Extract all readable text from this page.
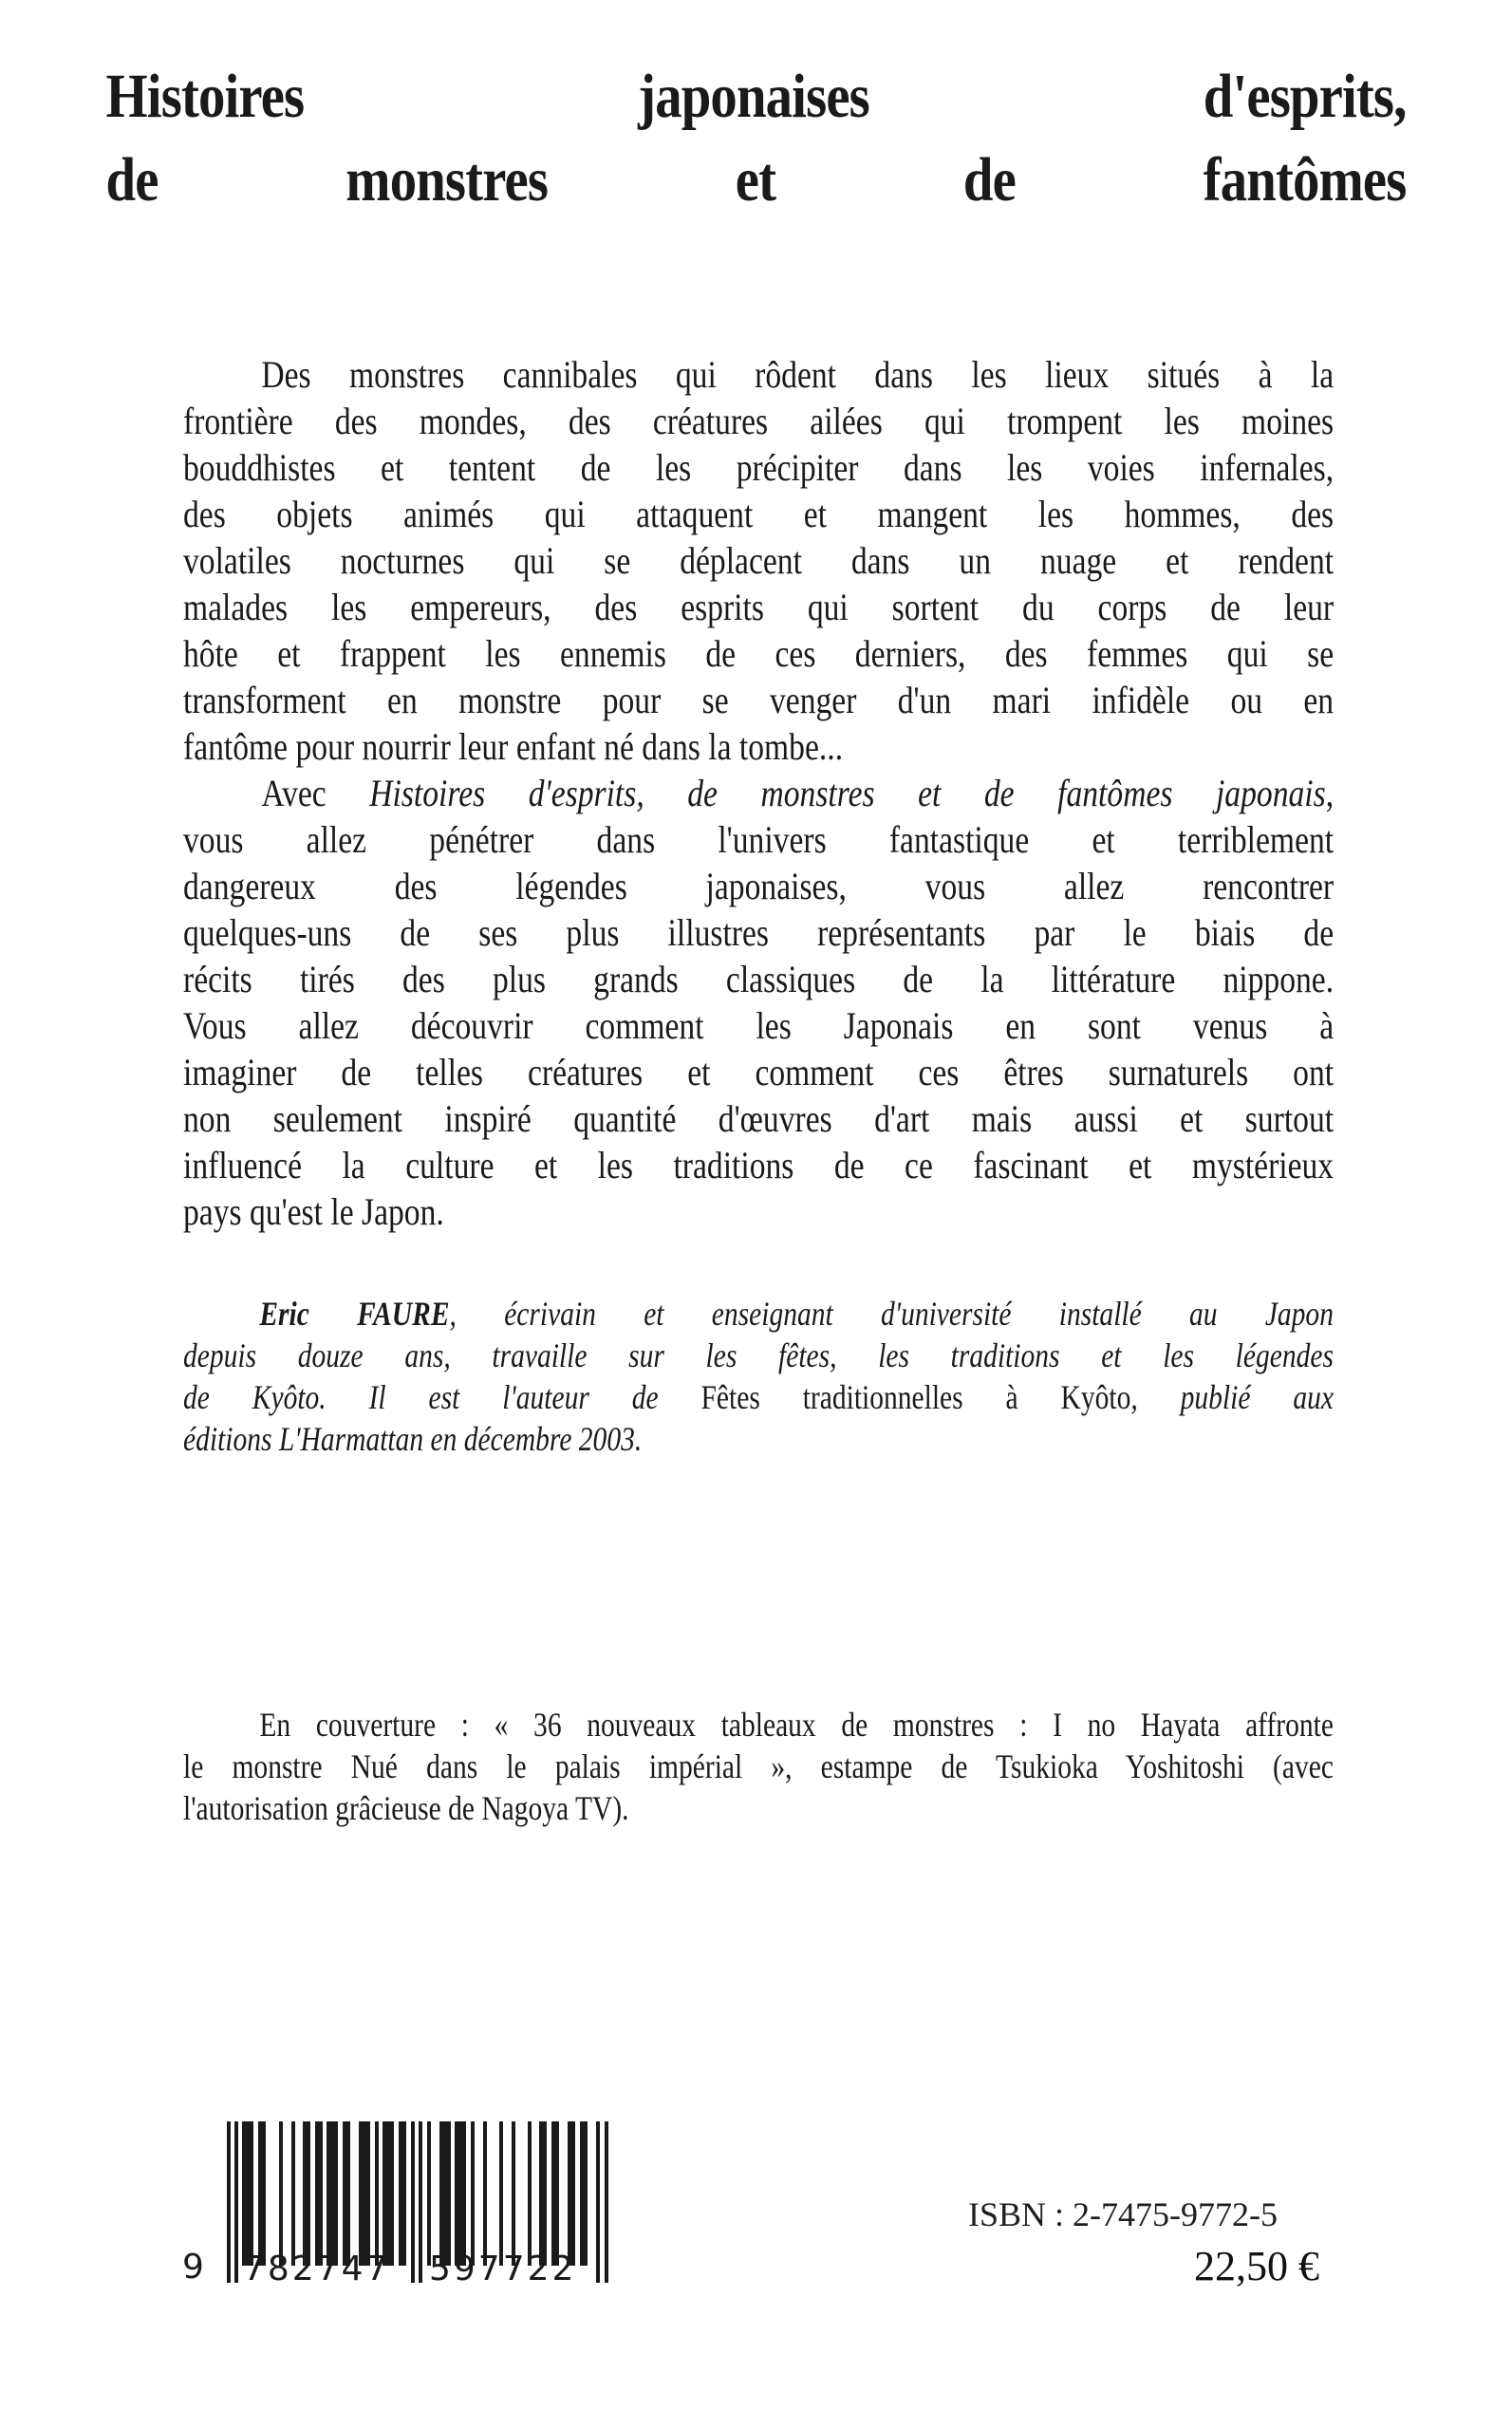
Histoires japonaises d'esprits,
de monstres et de fantômes
Des monstres cannibales qui rôdent dans les lieux situés à la
frontière des mondes, des créatures ailées qui trompent les moines
bouddhistes et tentent de les précipiter dans les voies infernales,
des objets animés qui attaquent et mangent les hommes, des
volatiles nocturnes qui se déplacent dans un nuage et rendent
malades les empereurs, des esprits qui sortent du corps de leur
hôte et frappent les ennemis de ces derniers, des femmes qui se
transforment en monstre pour se venger d'un mari infidèle ou en
fantôme pour nourrir leur enfant né dans la tombe...
Avec Histoires d'esprits, de monstres et de fantômes japonais,
vous allez pénétrer dans l'univers fantastique et terriblement
dangereux des légendes japonaises, vous allez rencontrer
quelques-uns de ses plus illustres représentants par le biais de
récits tirés des plus grands classiques de la littérature nippone.
Vous allez découvrir comment les Japonais en sont venus à
imaginer de telles créatures et comment ces êtres surnaturels ont
non seulement inspiré quantité d'œuvres d'art mais aussi et surtout
influencé la culture et les traditions de ce fascinant et mystérieux
pays qu'est le Japon.
Eric FAURE, écrivain et enseignant d'université installé au Japon
depuis douze ans, travaille sur les fêtes, les traditions et les légendes
de Kyôto. Il est l'auteur de Fêtes traditionnelles à Kyôto, publié aux
éditions L'Harmattan en décembre 2003.
En couverture : « 36 nouveaux tableaux de monstres : I no Hayata affronte
le monstre Nué dans le palais impérial », estampe de Tsukioka Yoshitoshi (avec
l'autorisation grâcieuse de Nagoya TV).
9 782747 597722
ISBN : 2-7475-9772-5
22,50 €
